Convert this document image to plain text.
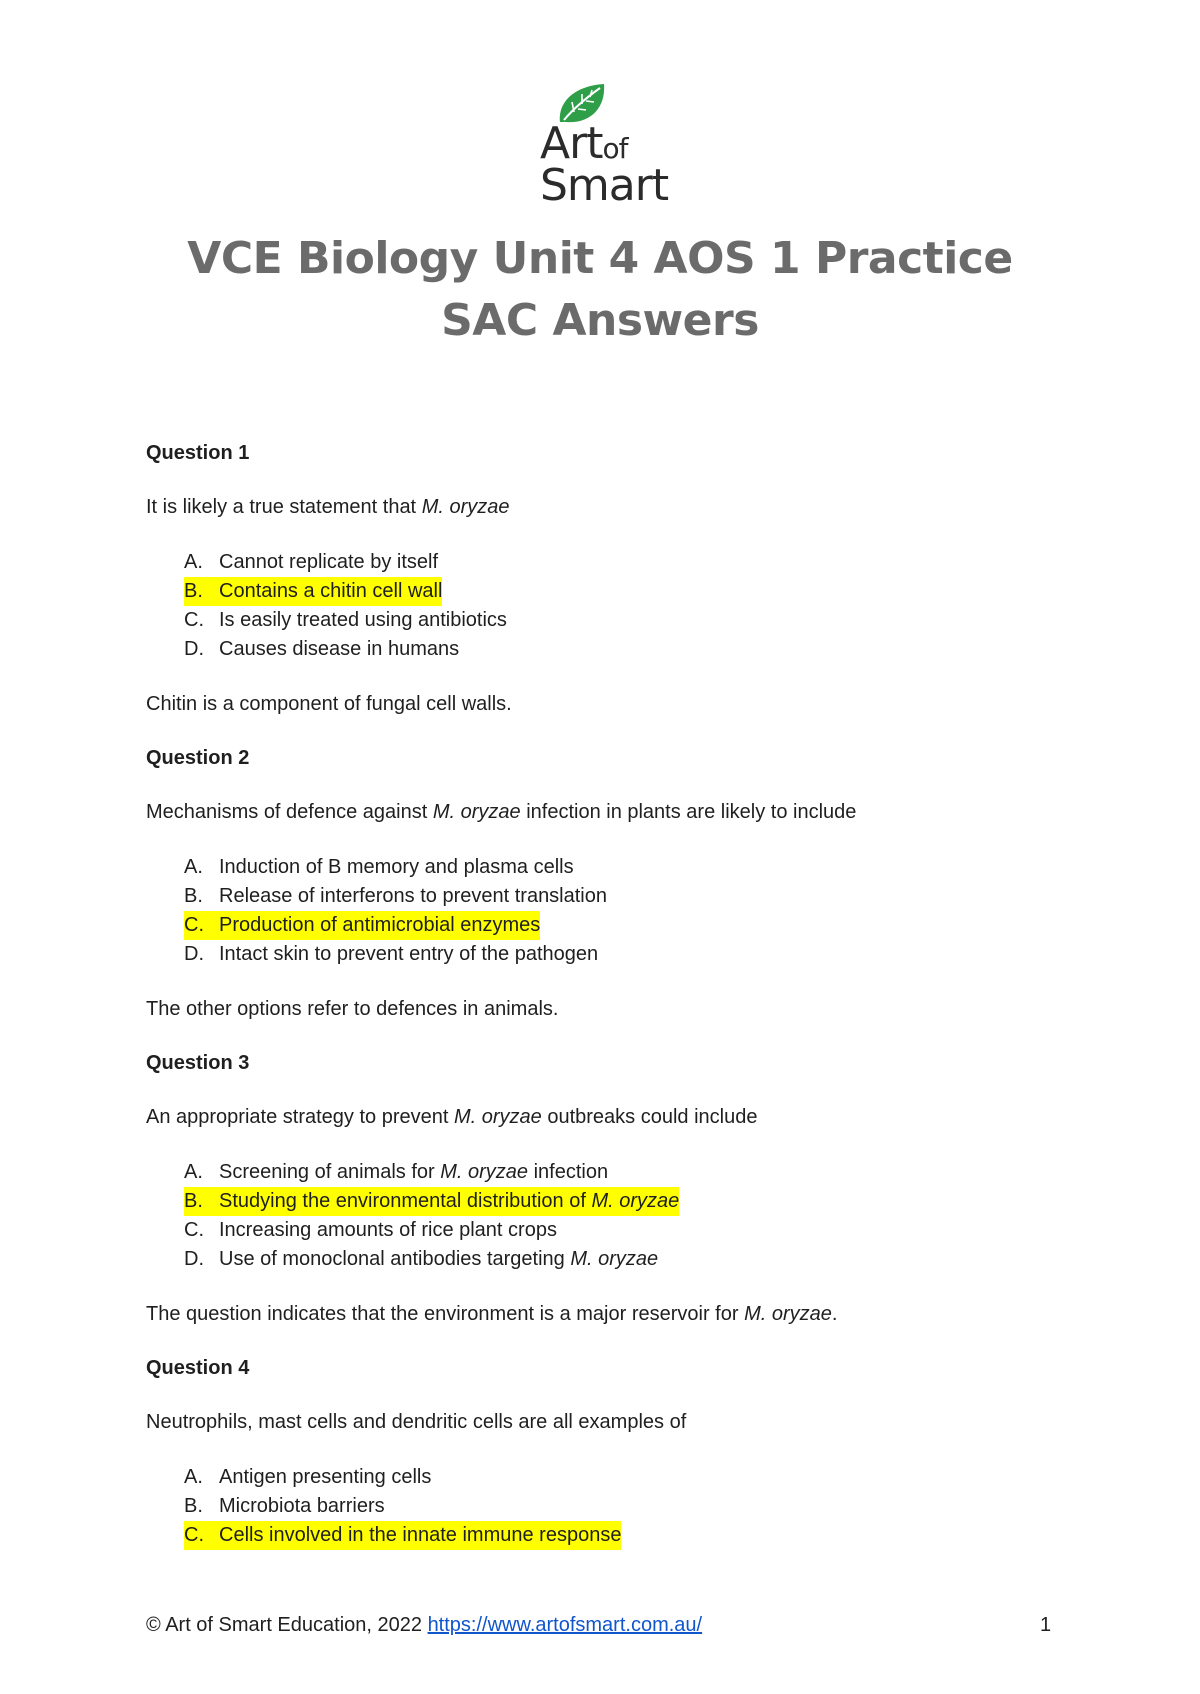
Artof
Smart
VCE Biology Unit 4 AOS 1 Practice
SAC Answers
Question 1
It is likely a true statement that M. oryzae
A. Cannot replicate by itself
B. Contains a chitin cell wall
C. Is easily treated using antibiotics
D. Causes disease in humans
Chitin is a component of fungal cell walls.
Question 2
Mechanisms of defence against M. oryzae infection in plants are likely to include
A. Induction of B memory and plasma cells
B. Release of interferons to prevent translation
C. Production of antimicrobial enzymes
D. Intact skin to prevent entry of the pathogen
The other options refer to defences in animals.
Question 3
An appropriate strategy to prevent M. oryzae outbreaks could include
A. Screening of animals for M. oryzae infection
B. Studying the environmental distribution of M. oryzae
C. Increasing amounts of rice plant crops
D. Use of monoclonal antibodies targeting M. oryzae
The question indicates that the environment is a major reservoir for M. oryzae.
Question 4
Neutrophils, mast cells and dendritic cells are all examples of
A. Antigen presenting cells
B. Microbiota barriers
C. Cells involved in the innate immune response
© Art of Smart Education, 2022 https://www.artofsmart.com.au/	1
